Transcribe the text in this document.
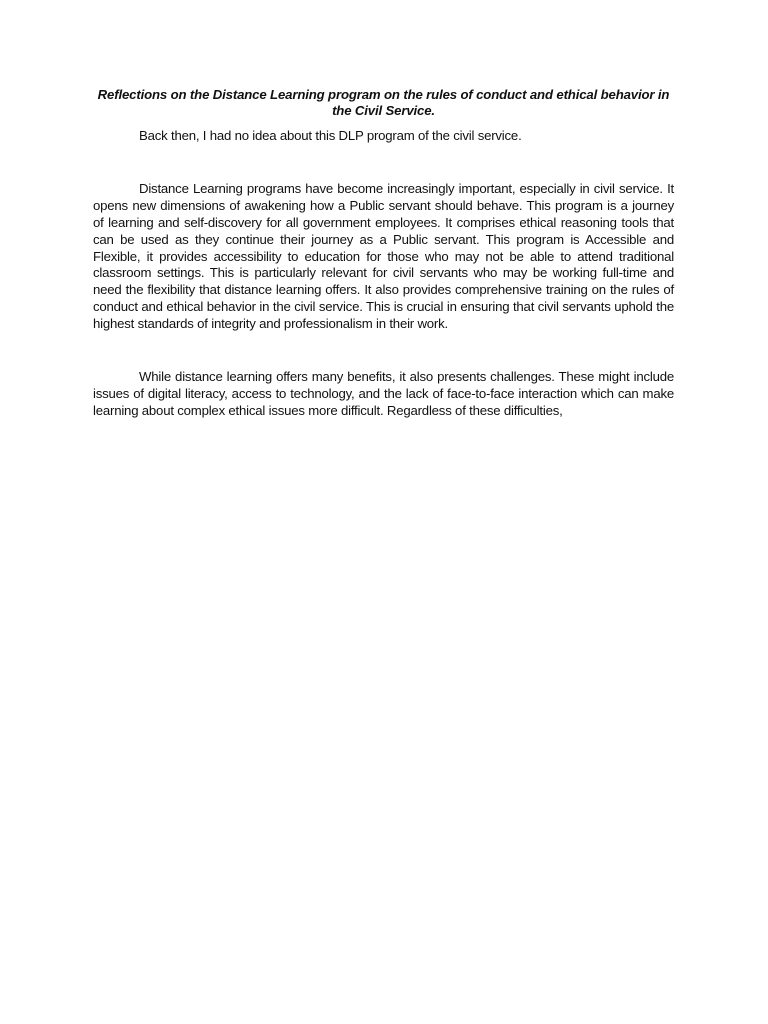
Reflections on the Distance Learning program on the rules of conduct and ethical behavior in the Civil Service.

Back then, I had no idea about this DLP program of the civil service.

Distance Learning programs have become increasingly important, especially in civil service. It opens new dimensions of awakening how a Public servant should behave. This program is a journey of learning and self-discovery for all government employees. It comprises ethical reasoning tools that can be used as they continue their journey as a Public servant. This program is Accessible and Flexible, it provides accessibility to education for those who may not be able to attend traditional classroom settings. This is particularly relevant for civil servants who may be working full-time and need the flexibility that distance learning offers. It also provides comprehensive training on the rules of conduct and ethical behavior in the civil service. This is crucial in ensuring that civil servants uphold the highest standards of integrity and professionalism in their work.

While distance learning offers many benefits, it also presents challenges. These might include issues of digital literacy, access to technology, and the lack of face-to-face interaction which can make learning about complex ethical issues more difficult. Regardless of these difficulties,
